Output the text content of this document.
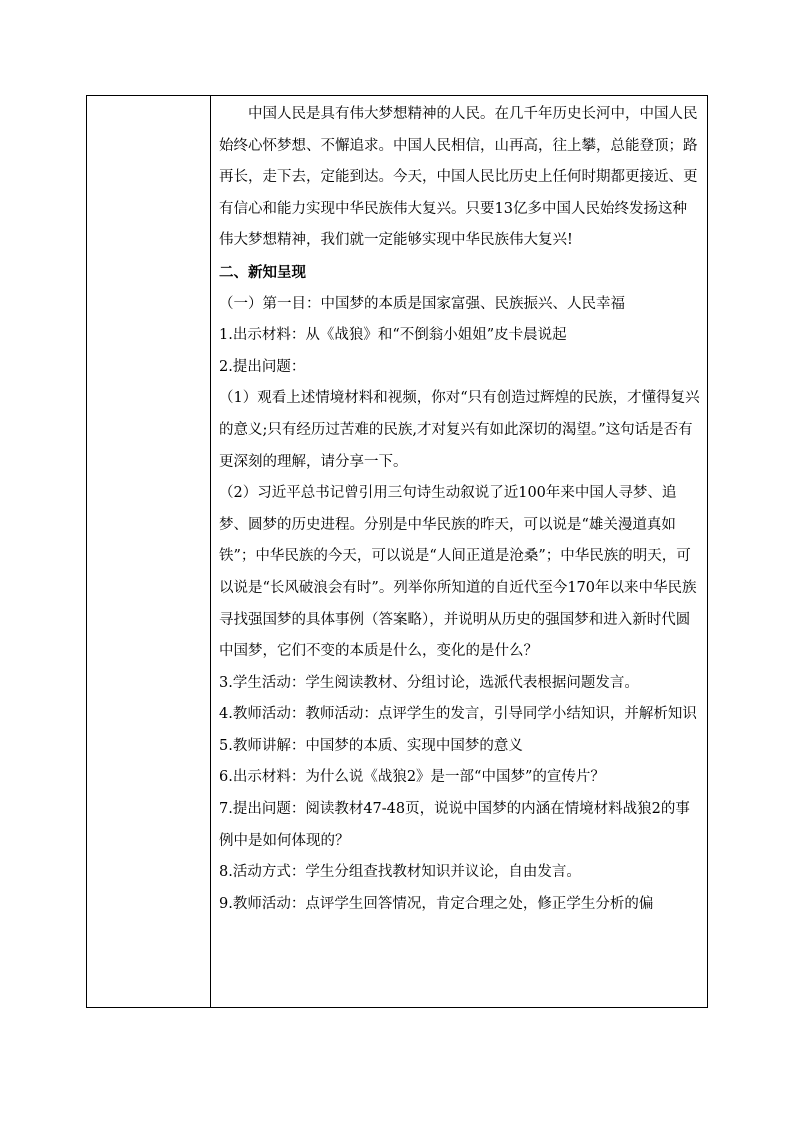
中国人民是具有伟大梦想精神的人民。在几千年历史长河中，中国人民始终心怀梦想、不懈追求。中国人民相信，山再高，往上攀，总能登顶；路再长，走下去，定能到达。今天，中国人民比历史上任何时期都更接近、更有信心和能力实现中华民族伟大复兴。只要13亿多中国人民始终发扬这种伟大梦想精神，我们就一定能够实现中华民族伟大复兴!

二、新知呈现

（一）第一目：中国梦的本质是国家富强、民族振兴、人民幸福

1.出示材料：从《战狼》和“不倒翁小姐姐”皮卡晨说起

2.提出问题：

（1）观看上述情境材料和视频，你对“只有创造过辉煌的民族，才懂得复兴的意义;只有经历过苦难的民族,才对复兴有如此深切的渴望。”这句话是否有更深刻的理解，请分享一下。

（2）习近平总书记曾引用三句诗生动叙说了近100年来中国人寻梦、追梦、圆梦的历史进程。分别是中华民族的昨天，可以说是“雄关漫道真如铁”；中华民族的今天，可以说是“人间正道是沧桑”；中华民族的明天，可以说是“长风破浪会有时”。列举你所知道的自近代至今170年以来中华民族寻找强国梦的具体事例（答案略），并说明从历史的强国梦和进入新时代圆中国梦，它们不变的本质是什么，变化的是什么？

3.学生活动：学生阅读教材、分组讨论，选派代表根据问题发言。

4.教师活动：教师活动：点评学生的发言，引导同学小结知识，并解析知识

5.教师讲解：中国梦的本质、实现中国梦的意义

6.出示材料：为什么说《战狼2》是一部“中国梦”的宣传片？

7.提出问题：阅读教材47-48页，说说中国梦的内涵在情境材料战狼2的事例中是如何体现的？

8.活动方式：学生分组查找教材知识并议论，自由发言。

9.教师活动：点评学生回答情况，肯定合理之处，修正学生分析的偏
